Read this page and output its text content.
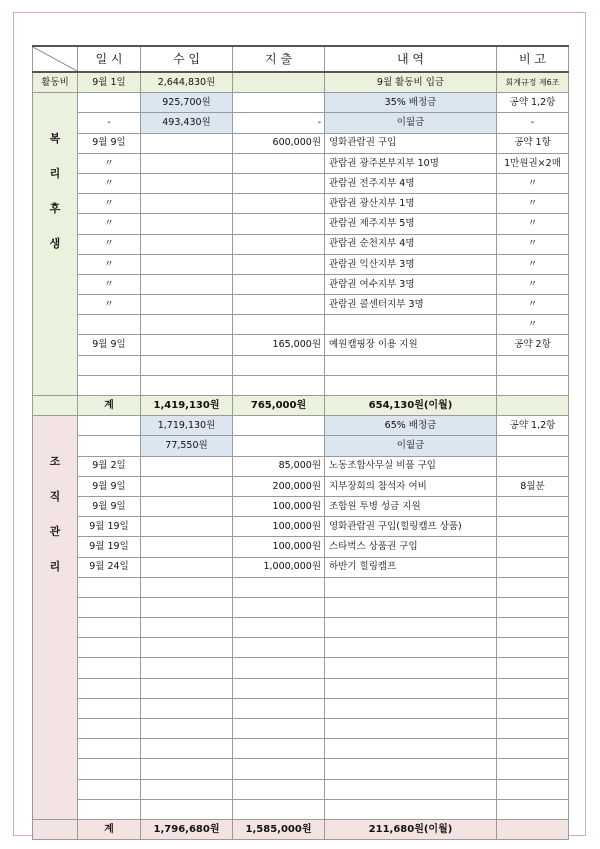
	일 시	수 입	지 출	내 역	비 고
활동비	9월 1일	2,644,830원		9월 활동비 입금	회계규정 제6조

복
리
후
생		925,700원		35% 배정금	공약 1,2항
	-	493,430원	-	이월금	-
	9월 9일		600,000원	영화관람권 구입	공약 1항
	〃			관람권 광주본부지부 10명	1만원권×2매
	〃			관람권 전주지부 4명	〃
	〃			관람권 광산지부 1명	〃
	〃			관람권 제주지부 5명	〃
	〃			관람권 순천지부 4명	〃
	〃			관람권 익산지부 3명	〃
	〃			관람권 여수지부 3명	〃
	〃			관람권 콜센터지부 3명	〃
					〃
	9월 9일		165,000원	예원캠핑장 이용 지원	공약 2항

	계	1,419,130원	765,000원	654,130원(이월)	

조
직
관
리		1,719,130원		65% 배정금	공약 1,2항
		77,550원		이월금	
	9월 2일		85,000원	노동조합사무실 비품 구입	
	9월 9일		200,000원	지부장회의 참석자 여비	8월분
	9월 9일		100,000원	조합원 투병 성금 지원	
	9월 19일		100,000원	영화관람권 구입(힐링캠프 상품)	
	9월 19일		100,000원	스타벅스 상품권 구입	
	9월 24일		1,000,000원	하반기 힐링캠프	

	계	1,796,680원	1,585,000원	211,680원(이월)	
